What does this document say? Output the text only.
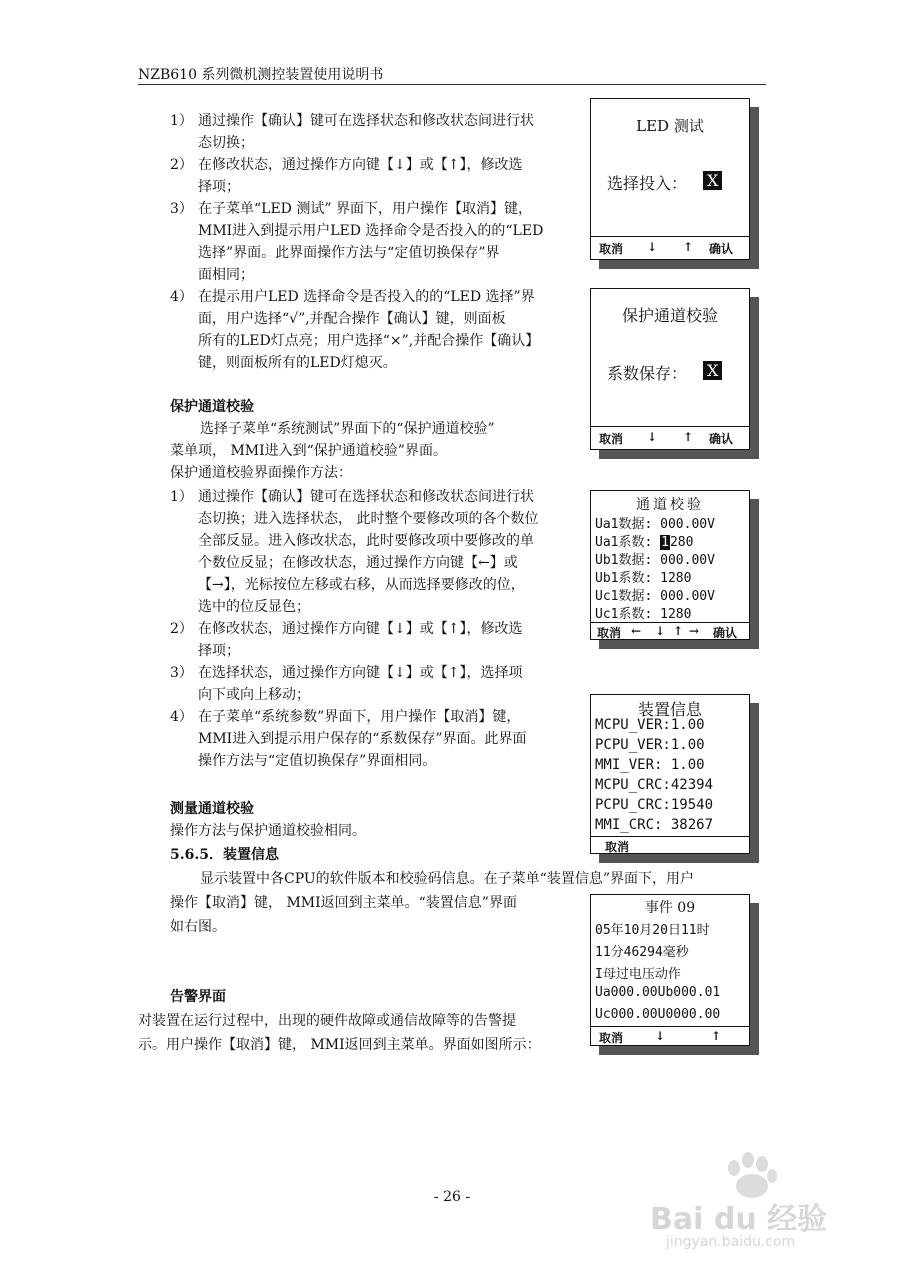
NZB610 系列微机测控装置使用说明书
1） 通过操作【确认】键可在选择状态和修改状态间进行状
态切换；
2） 在修改状态，通过操作方向键【↓】或【↑】，修改选
择项；
3） 在子菜单“LED 测试” 界面下，用户操作【取消】键，
MMI进入到提示用户LED 选择命令是否投入的的“LED
选择”界面。此界面操作方法与“定值切换保存”界
面相同；
4） 在提示用户LED 选择命令是否投入的的“LED 选择”界
面，用户选择“√”,并配合操作【确认】键，则面板
所有的LED灯点亮；用户选择“×”,并配合操作【确认】
键，则面板所有的LED灯熄灭。

保护通道校验

选择子菜单“系统测试”界面下的“保护通道校验”

菜单项， MMI进入到“保护通道校验”界面。

保护通道校验界面操作方法：

1） 通过操作【确认】键可在选择状态和修改状态间进行状
态切换；进入选择状态， 此时整个要修改项的各个数位
全部反显。进入修改状态，此时要修改项中要修改的单
个数位反显；在修改状态，通过操作方向键【←】或
【→】，光标按位左移或右移，从而选择要修改的位，
选中的位反显色；
2） 在修改状态，通过操作方向键【↓】或【↑】，修改选
择项；
3） 在选择状态，通过操作方向键【↓】或【↑】，选择项
向下或向上移动；
4） 在子菜单“系统参数”界面下，用户操作【取消】键，
MMI进入到提示用户保存的“系数保存”界面。此界面
操作方法与“定值切换保存”界面相同。

测量通道校验

操作方法与保护通道校验相同。

5.6.5．装置信息

显示装置中各CPU的软件版本和校验码信息。在子菜单“装置信息”界面下，用户

操作【取消】键， MMI返回到主菜单。“装置信息”界面

如右图。

告警界面

对装置在运行过程中，出现的硬件故障或通信故障等的告警提

示。用户操作【取消】键， MMI返回到主菜单。界面如图所示：

LED 测试
选择投入： X
取消 ↓ ↑ 确认
保护通道校验
系数保存： X
取消 ↓ ↑ 确认
通道校验
Ua1数据: 000.00V
Ua1系数: 1280
Ub1数据: 000.00V
Ub1系数: 1280
Uc1数据: 000.00V
Uc1系数: 1280
取消 ← ↓ ↑ → 确认
装置信息
MCPU_VER:1.00
PCPU_VER:1.00
MMI_VER: 1.00
MCPU_CRC:42394
PCPU_CRC:19540
MMI_CRC: 38267
取消
事件 09
05年10月20日11时
11分46294毫秒
I母过电压动作
Ua000.00Ub000.01
Uc000.00U0000.00
取消	↓	↑
- 26 -
Bai du 经验
jingyan.baidu.com
